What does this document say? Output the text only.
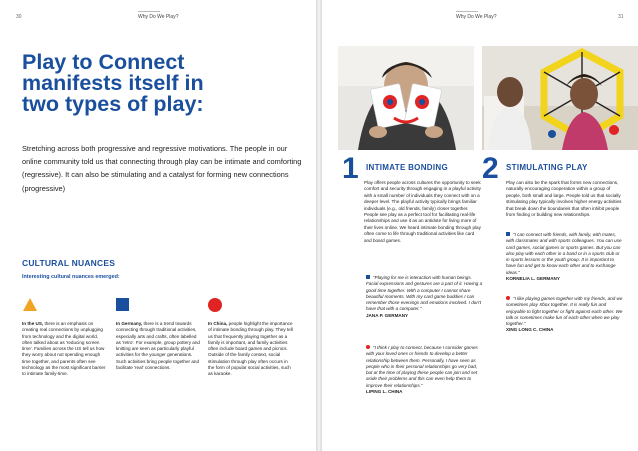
30	Why Do We Play?
Play to Connect
manifests itself in
two types of play:

Stretching across both progressive and regressive motivations. The people in our online community told us that connecting through play can be intimate and comforting (regressive). It can also be stimulating and a catalyst for forming new connections (progressive)

CULTURAL NUANCES
Interesting cultural nuances emerged:

In the US, there is an emphasis on creating real connections by unplugging from technology and the digital world, often talked about as 'reducing screen time'. Families across the US tell us how they worry about not spending enough time together, and parents often see technology as the most significant barrier to intimate family-time.

In Germany, there is a trend towards connecting through traditional activities, especially arts and crafts, often labelled as 'retro'. For example, group pottery and knitting are seen as particularly playful activities for the younger generations. Such activities bring people together and facilitate 'real' connections.

In China, people highlight the importance of intimate bonding through play. They tell us that frequently playing together as a family is important, and family activities often include board games and picnics. Outside of the family context, social stimulation through play often occurs in the form of popular social activities, such as karaoke.

Why Do We Play?	31
1 INTIMATE BONDING

Play offers people across cultures the opportunity to seek comfort and security through engaging in a playful activity with a small number of individuals they connect with on a deeper level. The playful activity typically brings familiar individuals (e.g., old friends, family) closer together. People see play as a perfect tool for facilitating real-life relationships and use it as an antidote for living more of their lives online. We heard intimate bonding through play often come to life through traditional activities like card and board games.

"Playing for me is interaction with human beings. Facial expressions and gestures are a part of it. Having a good time together. With a computer I cannot share beautiful moments. With my card game buddies I can remember those evenings and emotions involved. I don't have that with a computer."
JANA P. GERMANY
"I think I play to connect, because I consider games with your loved ones or friends to develop a better relationship between them. Personally, I have seen as people who in their personal relationships go very bad, but at the time of playing these people can join and set aside their problems and this can even help them to improve their relationships."
LIPING L. CHINA
2 STIMULATING PLAY

Play can also be the spark that forms new connections, naturally encouraging cooperation within a group of people, both small and large. People told us that socially stimulating play typically involves higher energy activities that break down the boundaries that often inhibit people from finding or building new relationships.

"I can connect with friends, with family, with mates, with classmates and with sports colleagues. You can use card games, social games or sports games. But you can also play with each other in a band or in a sports club or in sports lessons or the youth group. It is important to have fun and get to know each other and to exchange ideas."
KORNELIA L. GERMANY
"I like playing games together with my friends, and we sometimes play Xbox together. It is really fun and enjoyable to fight together or fight against each other. We talk or sometimes make fun of each other when we play together."
XING LONG C. CHINA
